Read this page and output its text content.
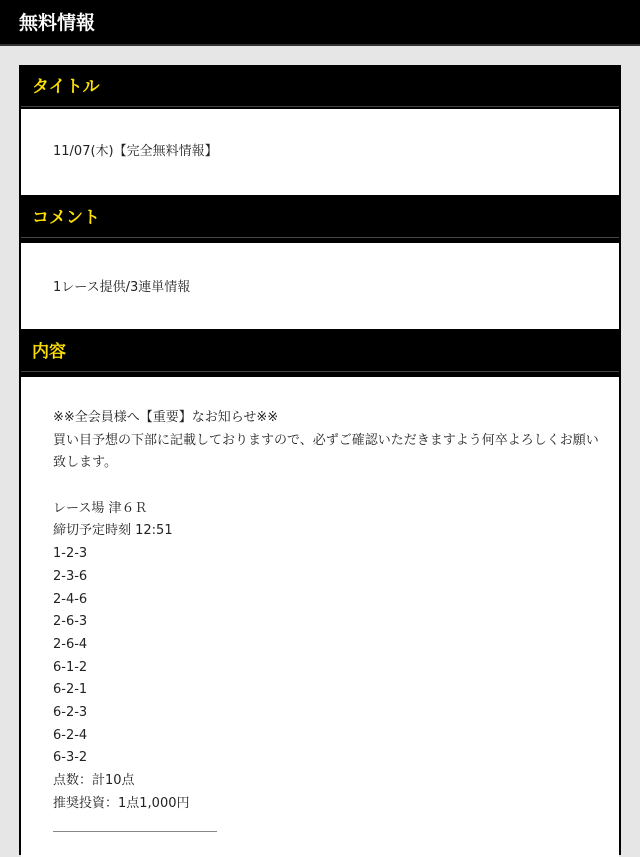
無料情報
タイトル
11/07(木)【完全無料情報】
コメント
1レース提供/3連単情報
内容
※※全会員様へ【重要】なお知らせ※※
買い目予想の下部に記載しておりますので、必ずご確認いただきますよう何卒よろしくお願い
致します。
レース場 津６Ｒ
締切予定時刻 12:51
1-2-3
2-3-6
2-4-6
2-6-3
2-6-4
6-1-2
6-2-1
6-2-3
6-2-4
6-3-2
点数：計10点
推奨投資：1点1,000円
